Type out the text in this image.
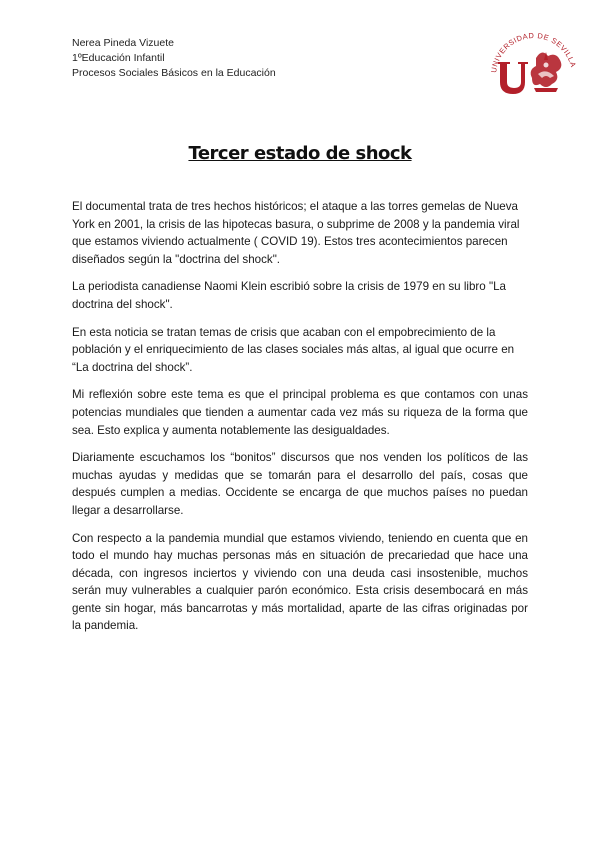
Nerea Pineda Vizuete
1ºEducación Infantil
Procesos Sociales Básicos en la Educación	UNIVERSIDAD DE SEVILLA
Tercer estado de shock

El documental trata de tres hechos históricos; el ataque a las torres gemelas de Nueva York en 2001, la crisis de las hipotecas basura, o subprime de 2008 y la pandemia viral que estamos viviendo actualmente ( COVID 19). Estos tres acontecimientos parecen diseñados según la "doctrina del shock".

La periodista canadiense Naomi Klein escribió sobre la crisis de 1979 en su libro "La doctrina del shock".

En esta noticia se tratan temas de crisis que acaban con el empobrecimiento de la población y el enriquecimiento de las clases sociales más altas, al igual que ocurre en “La doctrina del shock”.

Mi reflexión sobre este tema es que el principal problema es que contamos con unas potencias mundiales que tienden a aumentar cada vez más su riqueza de la forma que sea. Esto explica y aumenta notablemente las desigualdades.

Diariamente escuchamos los “bonitos” discursos que nos venden los políticos de las muchas ayudas y medidas que se tomarán para el desarrollo del país, cosas que después cumplen a medias. Occidente se encarga de que muchos países no puedan llegar a desarrollarse.

Con respecto a la pandemia mundial que estamos viviendo, teniendo en cuenta que en todo el mundo hay muchas personas más en situación de precariedad que hace una década, con ingresos inciertos y viviendo con una deuda casi insostenible, muchos serán muy vulnerables a cualquier parón económico. Esta crisis desembocará en más gente sin hogar, más bancarrotas y más mortalidad, aparte de las cifras originadas por la pandemia.
